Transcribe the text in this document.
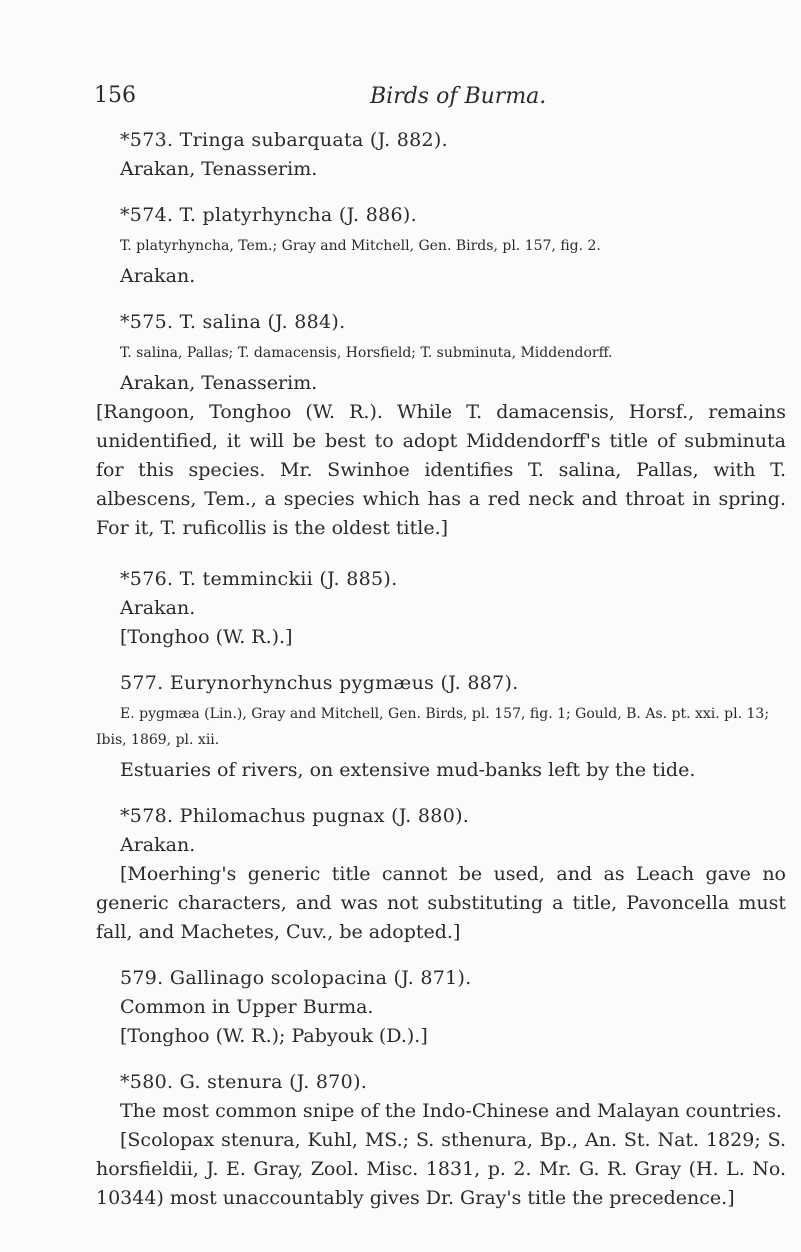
156	Birds of Burma.
*573. Tringa subarquata (J. 882).
Arakan, Tenasserim.
*574. T. platyrhyncha (J. 886).
T. platyrhyncha, Tem.; Gray and Mitchell, Gen. Birds, pl. 157, fig. 2.
Arakan.
*575. T. salina (J. 884).
T. salina, Pallas; T. damacensis, Horsfield; T. subminuta, Middendorff.
Arakan, Tenasserim.
[Rangoon, Tonghoo (W. R.). While T. damacensis, Horsf., remains unidentified, it will be best to adopt Middendorff's title of subminuta for this species. Mr. Swinhoe identifies T. salina, Pallas, with T. albescens, Tem., a species which has a red neck and throat in spring. For it, T. ruficollis is the oldest title.]
*576. T. temminckii (J. 885).
Arakan.
[Tonghoo (W. R.).]
577. Eurynorhynchus pygmæus (J. 887).
E. pygmæa (Lin.), Gray and Mitchell, Gen. Birds, pl. 157, fig. 1; Gould, B. As. pt. xxi. pl. 13; Ibis, 1869, pl. xii.
Estuaries of rivers, on extensive mud-banks left by the tide.
*578. Philomachus pugnax (J. 880).
Arakan.
[Moerhing's generic title cannot be used, and as Leach gave no generic characters, and was not substituting a title, Pavoncella must fall, and Machetes, Cuv., be adopted.]
579. Gallinago scolopacina (J. 871).
Common in Upper Burma.
[Tonghoo (W. R.); Pabyouk (D.).]
*580. G. stenura (J. 870).
The most common snipe of the Indo-Chinese and Malayan countries.
[Scolopax stenura, Kuhl, MS.; S. sthenura, Bp., An. St. Nat. 1829; S. horsfieldii, J. E. Gray, Zool. Misc. 1831, p. 2. Mr. G. R. Gray (H. L. No. 10344) most unaccountably gives Dr. Gray's title the precedence.]
